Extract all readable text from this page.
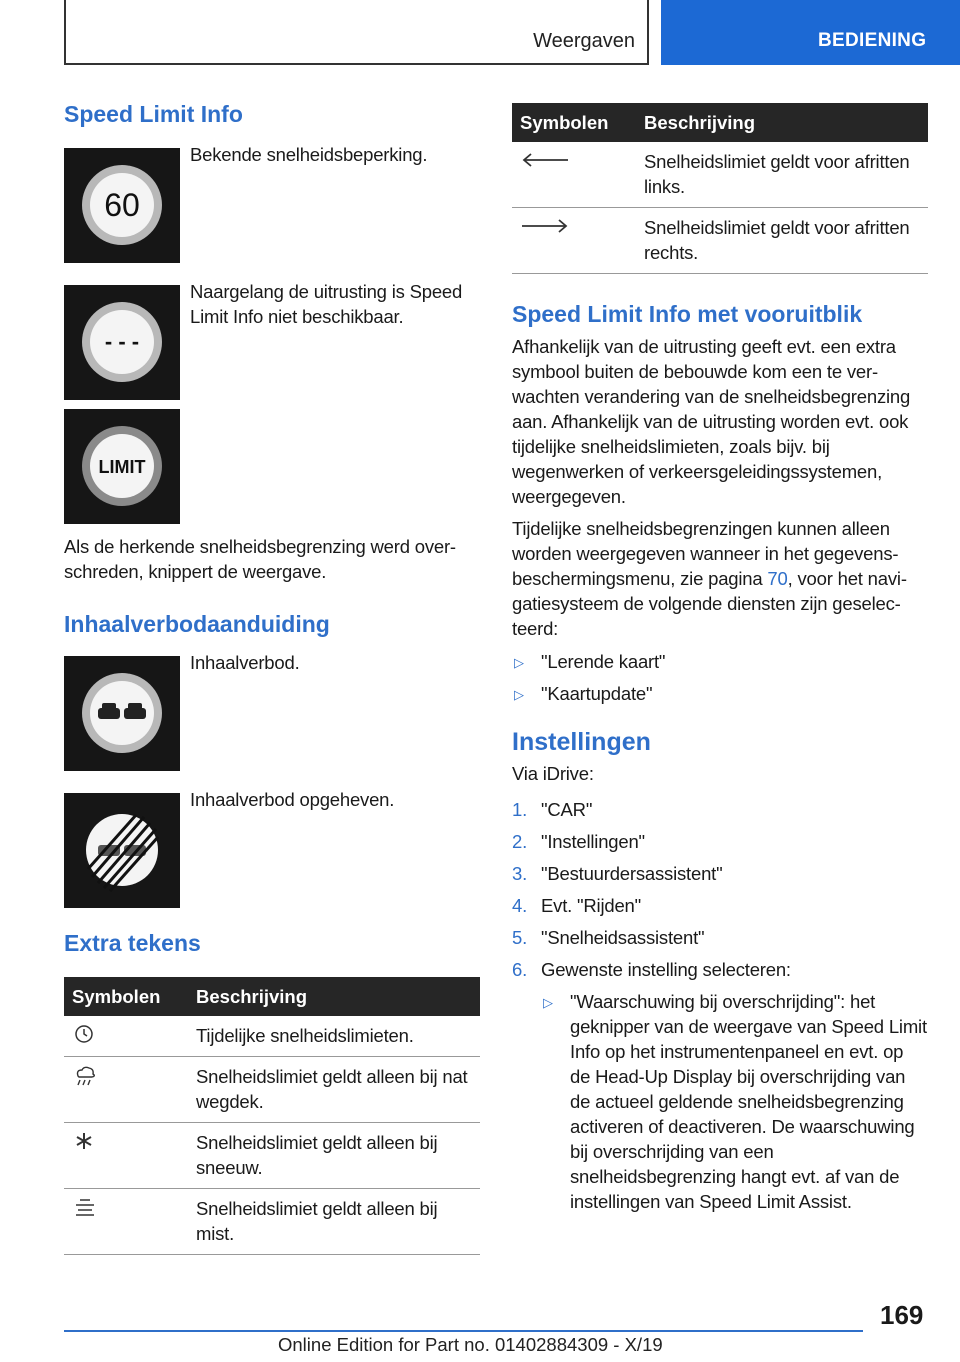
Weergaven	BEDIENING
Speed Limit Info
60
Bekende snelheidsbeperking.
- - -
Naargelang de uitrusting is Speed Limit Info niet beschikbaar.
LIMIT

Als de herkende snelheidsbegrenzing werd overschreden, knippert de weergave.

Inhaalverbodaanduiding
Inhaalverbod.
Inhaalverbod opgeheven.
Extra tekens
Symbolen	Beschrijving

	Tijdelijke snelheidslimieten.

	Snelheidslimiet geldt alleen bij nat wegdek.

	Snelheidslimiet geldt alleen bij sneeuw.

	Snelheidslimiet geldt alleen bij mist.
Symbolen	Beschrijving

	Snelheidslimiet geldt voor afritten links.

	Snelheidslimiet geldt voor afritten rechts.
Speed Limit Info met vooruitblik

Afhankelijk van de uitrusting geeft evt. een extra symbool buiten de bebouwde kom een te verwachten verandering van de snelheidsbegrenzing aan. Afhankelijk van de uitrusting worden evt. ook tijdelijke snelheidslimieten, zoals bijv. bij wegenwerken of verkeersgeleidingssystemen, weergegeven.

Tijdelijke snelheidsbegrenzingen kunnen alleen worden weergegeven wanneer in het gegevensbeschermingsmenu, zie pagina 70, voor het navigatiesysteem de volgende diensten zijn geselecteerd:

▷ "Lerende kaart"
▷ "Kaartupdate"
Instellingen

Via iDrive:

1. "CAR"
2. "Instellingen"
3. "Bestuurdersassistent"
4. Evt. "Rijden"
5. "Snelheidsassistent"
6. Gewenste instelling selecteren:
▷ "Waarschuwing bij overschrijding": het geknipper van de weergave van Speed Limit Info op het instrumentenpaneel en evt. op de Head-Up Display bij overschrijding van de actueel geldende snelheidsbegrenzing activeren of deactiveren. De waarschuwing bij overschrijding van een snelheidsbegrenzing hangt evt. af van de instellingen van Speed Limit Assist.
169
Online Edition for Part no. 01402884309 - X/19
